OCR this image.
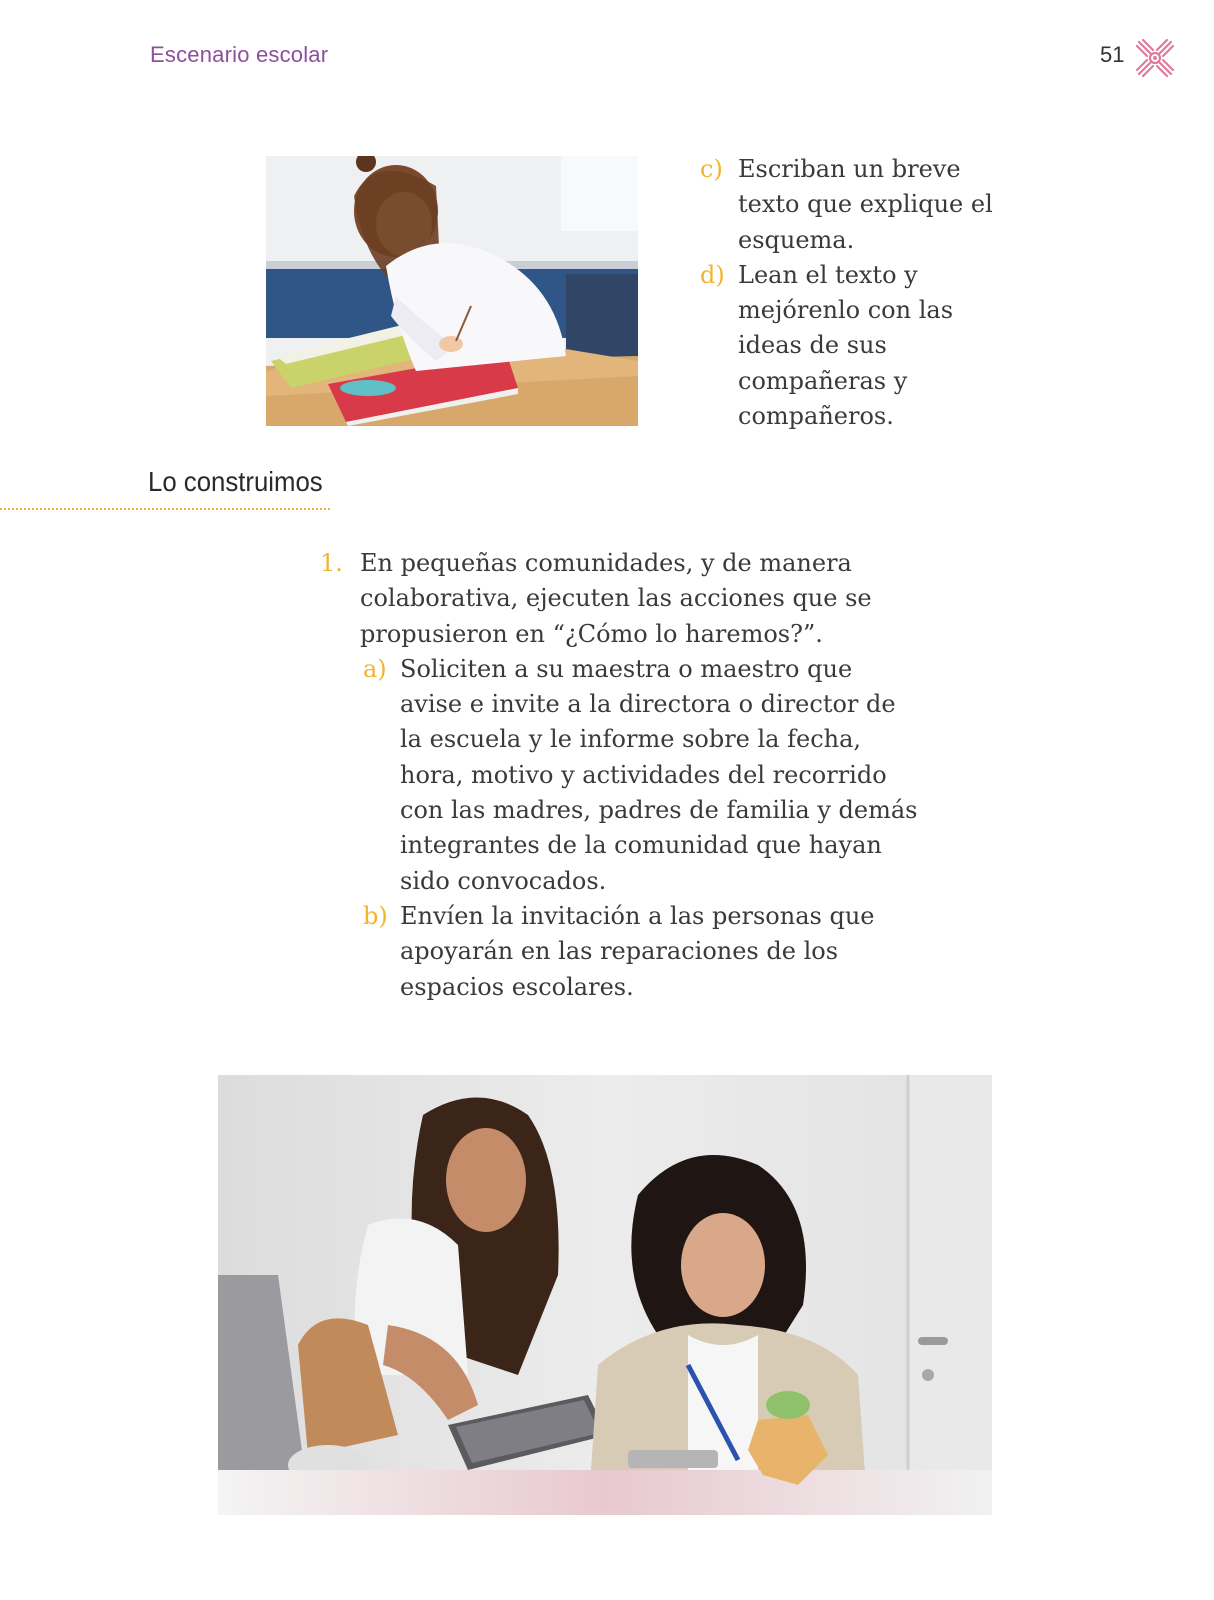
Escenario escolar	51
c) Escriban un breve texto que explique el esquema.
d) Lean el texto y mejórenlo con las ideas de sus compañeras y compañeros.
Lo construimos
1. En pequeñas comunidades, y de manera colaborativa, ejecuten las acciones que se propusieron en “¿Cómo lo haremos?”.
a) Soliciten a su maestra o maestro que avise e invite a la directora o director de la escuela y le informe sobre la fecha, hora, motivo y actividades del recorrido con las madres, padres de familia y demás integrantes de la comunidad que hayan sido convocados.
b) Envíen la invitación a las personas que apoyarán en las reparaciones de los espacios escolares.
